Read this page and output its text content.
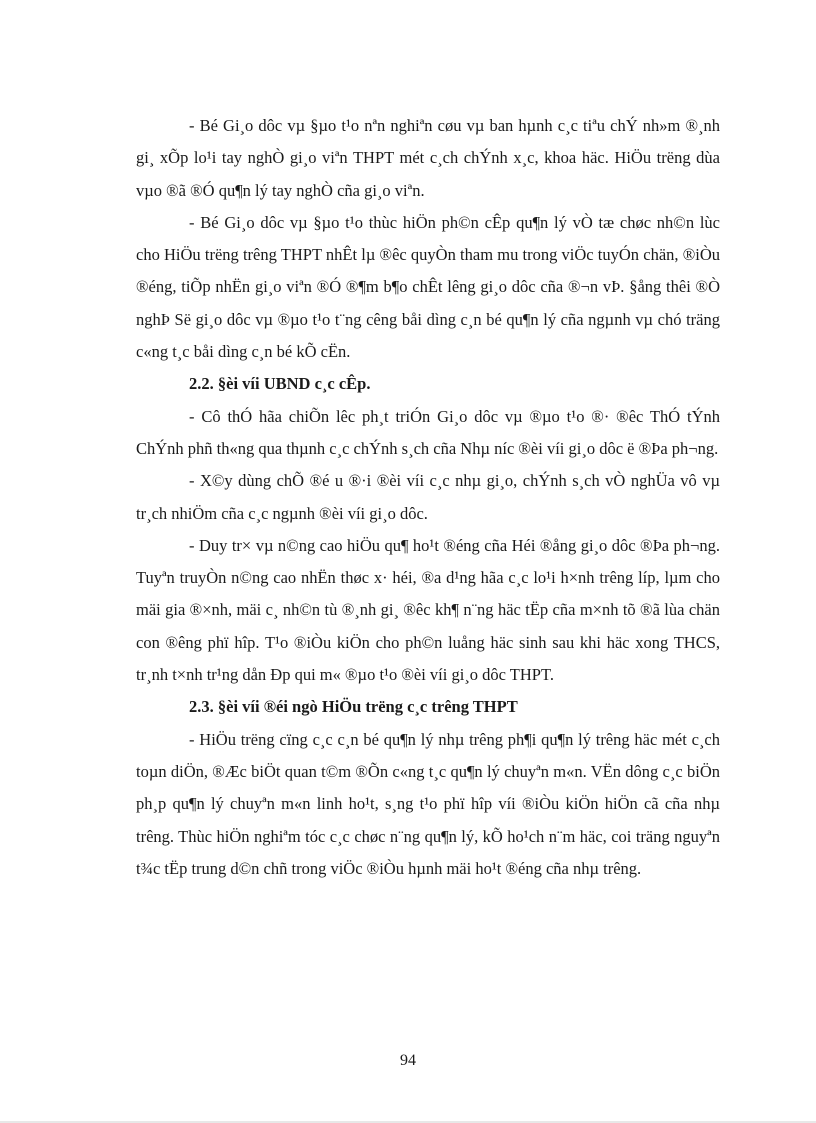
- Bé Gi¸o dôc vµ §µo t¹o nªn nghiªn cøu vµ ban hµnh c¸c tiªu chÝ nh»m ®¸nh gi¸ xÕp lo¹i tay nghÒ gi¸o viªn THPT mét c¸ch chÝnh x¸c, khoa häc. HiÖu trëng dùa vµo ®ã ®Ó qu¶n lý tay nghÒ cña gi¸o viªn.

- Bé Gi¸o dôc vµ §µo t¹o thùc hiÖn ph©n cÊp qu¶n lý vÒ tæ chøc nh©n lùc cho HiÖu trëng trêng THPT nhÊt lµ ®êc quyÒn tham mu trong viÖc tuyÓn chän, ®iÒu ®éng, tiÕp nhËn gi¸o viªn ®Ó ®¶m b¶o chÊt lêng gi¸o dôc cña ®¬n vÞ. §ång thêi ®Ò nghÞ Së gi¸o dôc vµ ®µo t¹o t¨ng cêng båi dìng c¸n bé qu¶n lý cña ngµnh vµ chó träng c«ng t¸c båi dìng c¸n bé kÕ cËn.

2.2. §èi víi UBND c¸c cÊp.

- Cô thÓ hãa chiÕn lêc ph¸t triÓn Gi¸o dôc vµ ®µo t¹o ®· ®êc ThÓ tÝnh ChÝnh phñ th«ng qua thµnh c¸c chÝnh s¸ch cña Nhµ níc ®èi víi gi¸o dôc ë ®Þa ph¬ng.

- X©y dùng chÕ ®é u ®·i ®èi víi c¸c nhµ gi¸o, chÝnh s¸ch vÒ nghÜa vô vµ tr¸ch nhiÖm cña c¸c ngµnh ®èi víi gi¸o dôc.

- Duy tr× vµ n©ng cao hiÖu qu¶ ho¹t ®éng cña Héi ®ång gi¸o dôc ®Þa ph¬ng. Tuyªn truyÒn n©ng cao nhËn thøc x· héi, ®a d¹ng hãa c¸c lo¹i h×nh trêng líp, lµm cho mäi gia ®×nh, mäi c¸ nh©n tù ®¸nh gi¸ ®êc kh¶ n¨ng häc tËp cña m×nh tõ ®ã lùa chän con ®êng phï hîp. T¹o ®iÒu kiÖn cho ph©n luång häc sinh sau khi häc xong THCS, tr¸nh t×nh tr¹ng dån Ðp qui m« ®µo t¹o ®èi víi gi¸o dôc THPT.

2.3. §èi víi ®éi ngò HiÖu trëng c¸c trêng THPT

- HiÖu trëng cïng c¸c c¸n bé qu¶n lý nhµ trêng ph¶i qu¶n lý trêng häc mét c¸ch toµn diÖn, ®Æc biÖt quan t©m ®Õn c«ng t¸c qu¶n lý chuyªn m«n. VËn dông c¸c biÖn ph¸p qu¶n lý chuyªn m«n linh ho¹t, s¸ng t¹o phï hîp víi ®iÒu kiÖn hiÖn cã cña nhµ trêng. Thùc hiÖn nghiªm tóc c¸c chøc n¨ng qu¶n lý, kÕ ho¹ch n¨m häc, coi träng nguyªn t¾c tËp trung d©n chñ trong viÖc ®iÒu hµnh mäi ho¹t ®éng cña nhµ trêng.

94
